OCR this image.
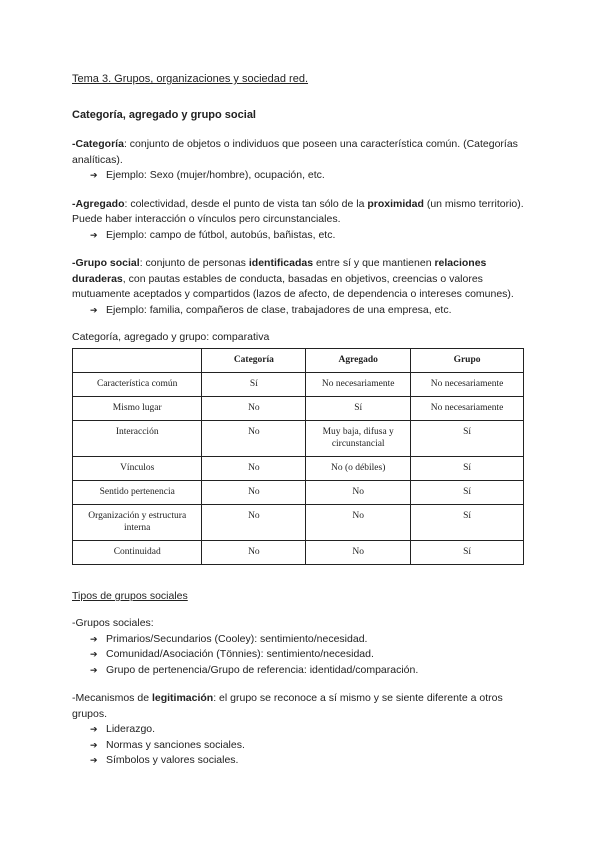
Tema 3. Grupos, organizaciones y sociedad red.

Categoría, agregado y grupo social

-Categoría: conjunto de objetos o individuos que poseen una característica común. (Categorías analíticas).

➔ Ejemplo: Sexo (mujer/hombre), ocupación, etc.

-Agregado: colectividad, desde el punto de vista tan sólo de la proximidad (un mismo territorio). Puede haber interacción o vínculos pero circunstanciales.

➔ Ejemplo: campo de fútbol, autobús, bañistas, etc.

-Grupo social: conjunto de personas identificadas entre sí y que mantienen relaciones duraderas, con pautas estables de conducta, basadas en objetivos, creencias o valores mutuamente aceptados y compartidos (lazos de afecto, de dependencia o intereses comunes).

➔ Ejemplo: familia, compañeros de clase, trabajadores de una empresa, etc.

Categoría, agregado y grupo: comparativa

	Categoría	Agregado	Grupo
Característica común	Sí	No necesariamente	No necesariamente
Mismo lugar	No	Sí	No necesariamente
Interacción	No	Muy baja, difusa y circunstancial	Sí
Vínculos	No	No (o débiles)	Sí
Sentido pertenencia	No	No	Sí
Organización y estructura interna	No	No	Sí
Continuidad	No	No	Sí

Tipos de grupos sociales

-Grupos sociales:

➔ Primarios/Secundarios (Cooley): sentimiento/necesidad.
➔ Comunidad/Asociación (Tönnies): sentimiento/necesidad.
➔ Grupo de pertenencia/Grupo de referencia: identidad/comparación.

-Mecanismos de legitimación: el grupo se reconoce a sí mismo y se siente diferente a otros grupos.

➔ Liderazgo.
➔ Normas y sanciones sociales.
➔ Símbolos y valores sociales.
